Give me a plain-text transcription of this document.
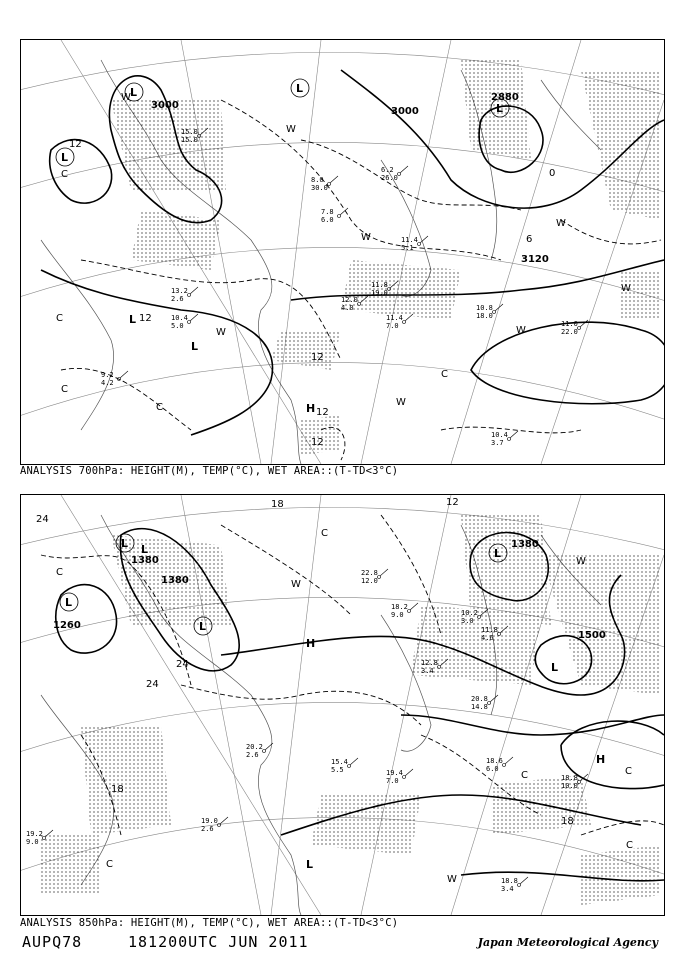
15.0
15.0
13.2
2.6
11.8
19.0
11.4
7.0
10.8
18.0
11.0
22.0
10.4
3.7
9.2
4.2
8.0
30.0
6.2
26.0
7.8
6.0
12.0
4.0
10.4
5.0
11.4
5.1
3000
3000
2880
3120
12
12
12
12
0
6
12
L	L
L
L
L
L
H
W
W
W
W
W
W
W
W
C
C
C
C
C
ANALYSIS 700hPa: HEIGHT(M), TEMP(°C), WET AREA::(T-TD<3°C)
22.8
12.0
18.2
9.0
19.4
7.0
18.6
6.0
18.8
10.0
19.0
2.6
19.2
9.0
18.8
3.4
20.2
2.6
15.4
5.5
20.8
14.8
12.8
3.4
11.8
4.6
10.2
3.0
1380
1380
1260
1380
1500
24
24
24
18
18
12
18
L
L
L
L
L
L
L
H
H
W
W
W
C
C
C	C
C
C
ANALYSIS 850hPa: HEIGHT(M), TEMP(°C), WET AREA::(T-TD<3°C)
AUPQ78	181200UTC JUN 2011	Japan Meteorological Agency
